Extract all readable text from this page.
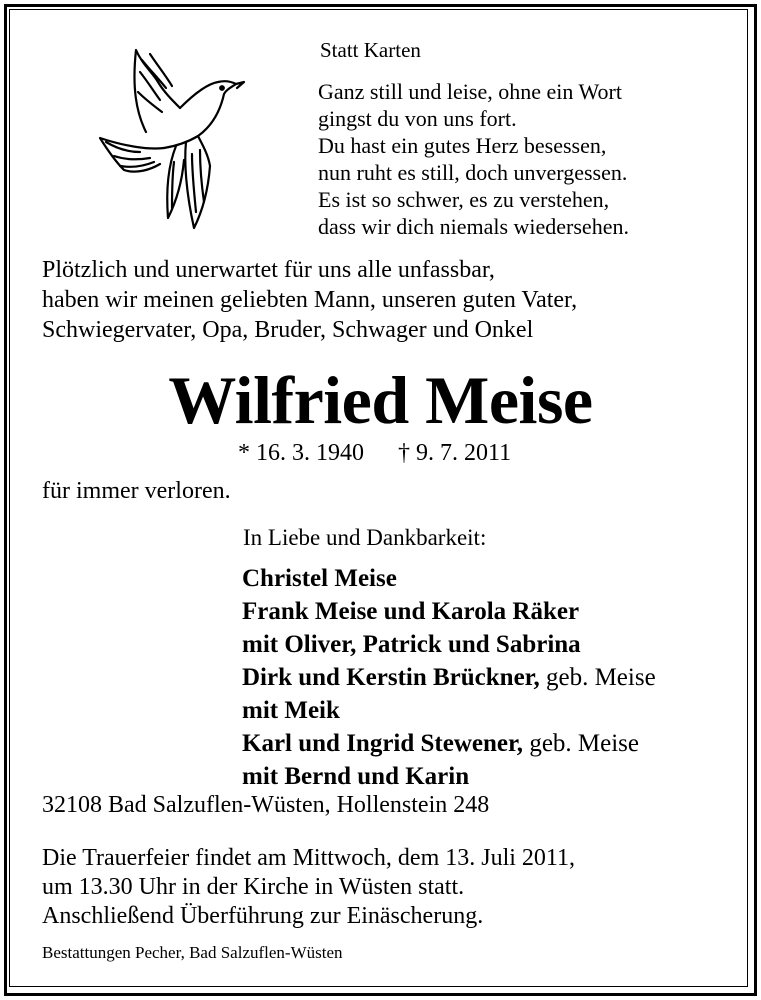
Statt Karten
Ganz still und leise, ohne ein Wort
gingst du von uns fort.
Du hast ein gutes Herz besessen,
nun ruht es still, doch unvergessen.
Es ist so schwer, es zu verstehen,
dass wir dich niemals wiedersehen.
Plötzlich und unerwartet für uns alle unfassbar,
haben wir meinen geliebten Mann, unseren guten Vater,
Schwiegervater, Opa, Bruder, Schwager und Onkel
Wilfried Meise
* 16. 3. 1940 † 9. 7. 2011
für immer verloren.
In Liebe und Dankbarkeit:
Christel Meise
Frank Meise und Karola Räker
mit Oliver, Patrick und Sabrina
Dirk und Kerstin Brückner, geb. Meise
mit Meik
Karl und Ingrid Stewener, geb. Meise
mit Bernd und Karin
32108 Bad Salzuflen-Wüsten, Hollenstein 248
Die Trauerfeier findet am Mittwoch, dem 13. Juli 2011,
um 13.30 Uhr in der Kirche in Wüsten statt.
Anschließend Überführung zur Einäscherung.
Bestattungen Pecher, Bad Salzuflen-Wüsten
